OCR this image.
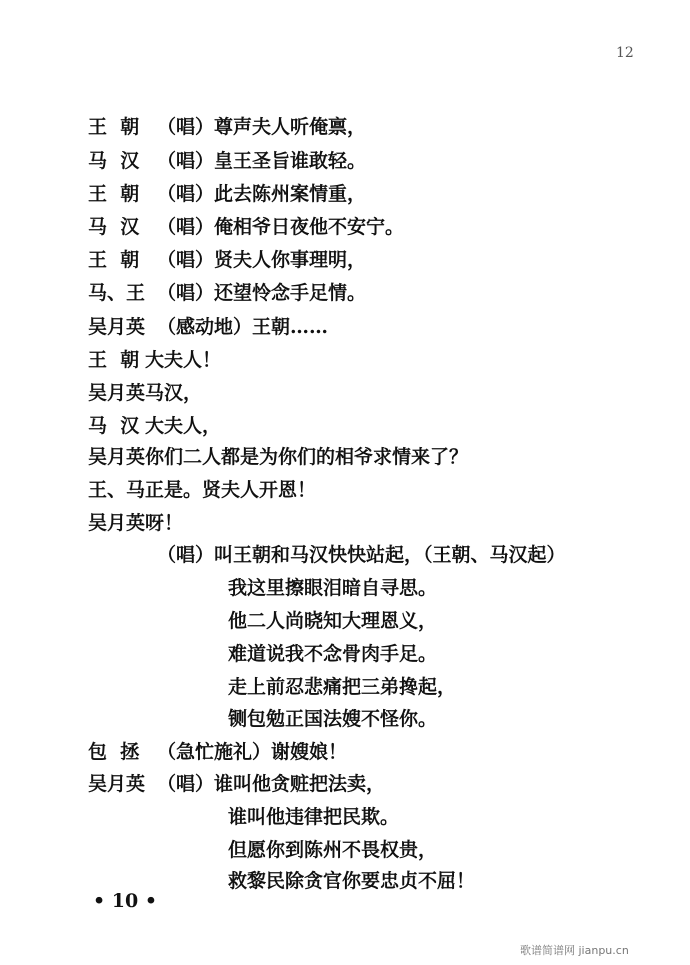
12
王  朝 （唱）尊声夫人听俺禀，
马  汉 （唱）皇王圣旨谁敢轻。
王  朝 （唱）此去陈州案情重，
马  汉 （唱）俺相爷日夜他不安宁。
王  朝 （唱）贤夫人你事理明，
马、王 （唱）还望怜念手足情。
吴月英 （感动地）王朝……
王  朝 大夫人！
吴月英 马汉，
马  汉 大夫人，
吴月英 你们二人都是为你们的相爷求情来了？
王、马 正是。贤夫人开恩！
吴月英 呀！
（唱）叫王朝和马汉快快站起，（王朝、马汉起）
我这里擦眼泪暗自寻思。
他二人尚晓知大理恩义，
难道说我不念骨肉手足。
走上前忍悲痛把三弟搀起，
铡包勉正国法嫂不怪你。
包  拯 （急忙施礼）谢嫂娘！
吴月英 （唱）谁叫他贪赃把法卖，
谁叫他违律把民欺。
但愿你到陈州不畏权贵，
救黎民除贪官你要忠贞不屈！
• 10 •
歌谱简谱网 jianpu.cn
